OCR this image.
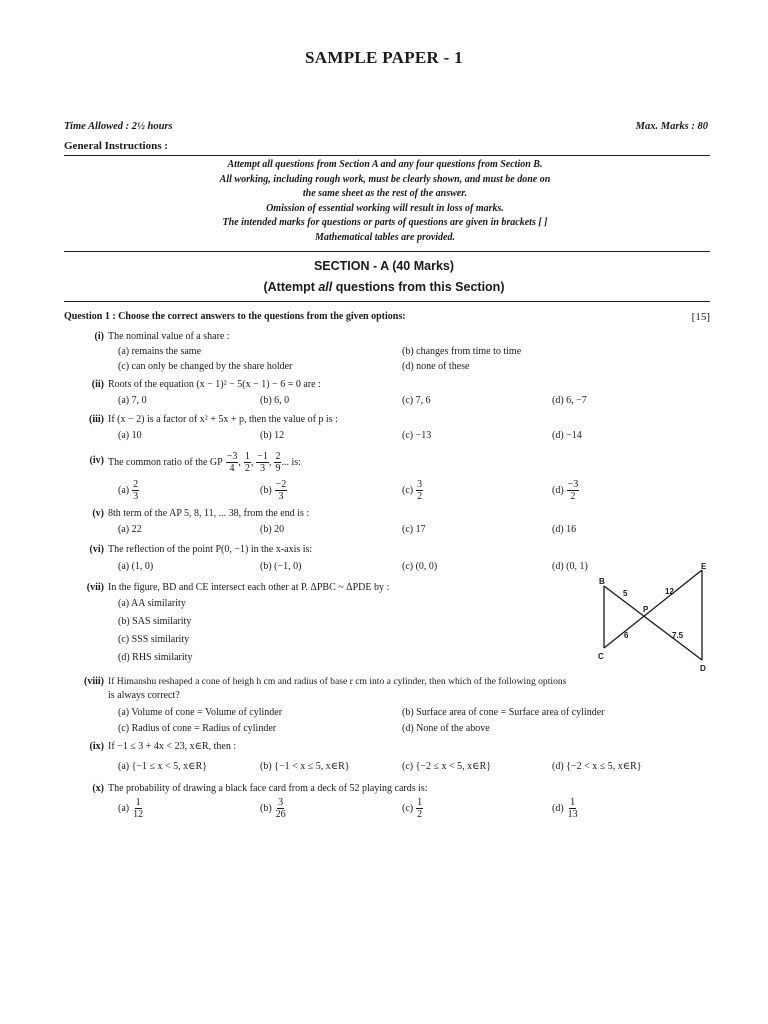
SAMPLE PAPER - 1
Time Allowed : 2½ hours	Max. Marks : 80
General Instructions :
Attempt all questions from Section A and any four questions from Section B.
All working, including rough work, must be clearly shown, and must be done on
the same sheet as the rest of the answer.
Omission of essential working will result in loss of marks.
The intended marks for questions or parts of questions are given in brackets [ ]
Mathematical tables are provided.
SECTION - A (40 Marks)
(Attempt all questions from this Section)
Question 1 : Choose the correct answers to the questions from the given options:	[15]
(i) The nominal value of a share :
(a) remains the same	(b) changes from time to time
(c) can only be changed by the share holder	(d) none of these
(ii) Roots of the equation (x − 1)² − 5(x − 1) − 6 = 0 are :
(a) 7, 0	(b) 6, 0	(c) 7, 6	(d) 6, −7
(iii) If (x − 2) is a factor of x² + 5x + p, then the value of p is :
(a) 10	(b) 12	(c) −13	(d) −14
(iv) The common ratio of the GP $\frac{-3}{4}$ , $\frac{1}{2}$ , $\frac{-1}{3}$ , $\frac{2}{9}$ ... is:
$(a) \frac{2}{3}$	$(b) \frac{-2}{3}$	$(c) \frac{3}{2}$	$(d) \frac{-3}{2}$
(v) 8th term of the AP 5, 8, 11, ... 38, from the end is :
(a) 22	(b) 20	(c) 17	(d) 16
(vi) The reflection of the point P(0, −1) in the x-axis is:
(a) (1, 0)	(b) (−1, 0)	(c) (0, 0)	(d) (0, 1)
(vii) In the figure, BD and CE intersect each other at P. ΔPBC ~ ΔPDE by :
(a) AA similarity
(b) SAS similarity
(c) SSS similarity
(d) RHS similarity
B
C
D
E
P
5	12
6	7.5
(viii) If Himanshu reshaped a cone of heigh h cm and radius of base r cm into a cylinder, then which of the following options
is always correct?
(a) Volume of cone = Volume of cylinder	(b) Surface area of cone = Surface area of cylinder
(c) Radius of cone = Radius of cylinder	(d) None of the above
(ix) If −1 ≤ 3 + 4x < 23, x∈R, then :
(a) {−1 ≤ x < 5, x∈R}	(b) {−1 < x ≤ 5, x∈R}	(c) {−2 ≤ x < 5, x∈R}	(d) {−2 < x ≤ 5, x∈R}
(x) The probability of drawing a black face card from a deck of 52 playing cards is:
$(a) \frac{1}{12}$	$(b) \frac{3}{26}$	$(c) \frac{1}{2}$	$(d) \frac{1}{13}$
